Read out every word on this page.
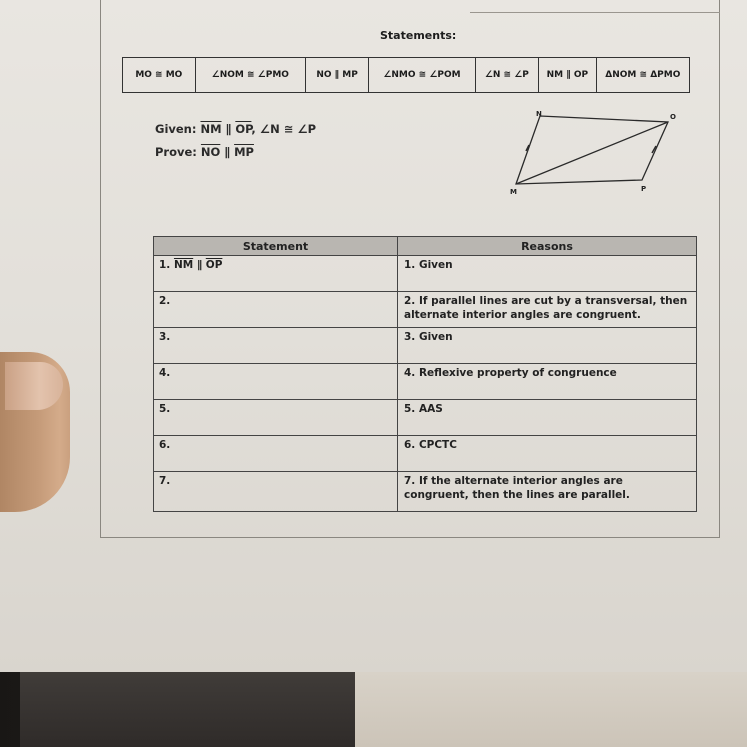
Statements:
MO ≅ MO	∠NOM ≅ ∠PMO	NO ∥ MP	∠NMO ≅ ∠POM	∠N ≅ ∠P	NM ∥ OP	ΔNOM ≅ ΔPMO
Given: $\overline{NM}$ ∥ $\overline{OP}$, ∠N ≅ ∠P
Prove: $\overline{NO}$ ∥ $\overline{MP}$
N	O
M	P
Statement	Reasons
1. $\overline{NM}$ ∥ $\overline{OP}$	1. Given
2.	2. If parallel lines are cut by a transversal, then alternate interior angles are congruent.
3.	3. Given
4.	4. Reflexive property of congruence
5.	5. AAS
6.	6. CPCTC
7.	7. If the alternate interior angles are congruent, then the lines are parallel.
